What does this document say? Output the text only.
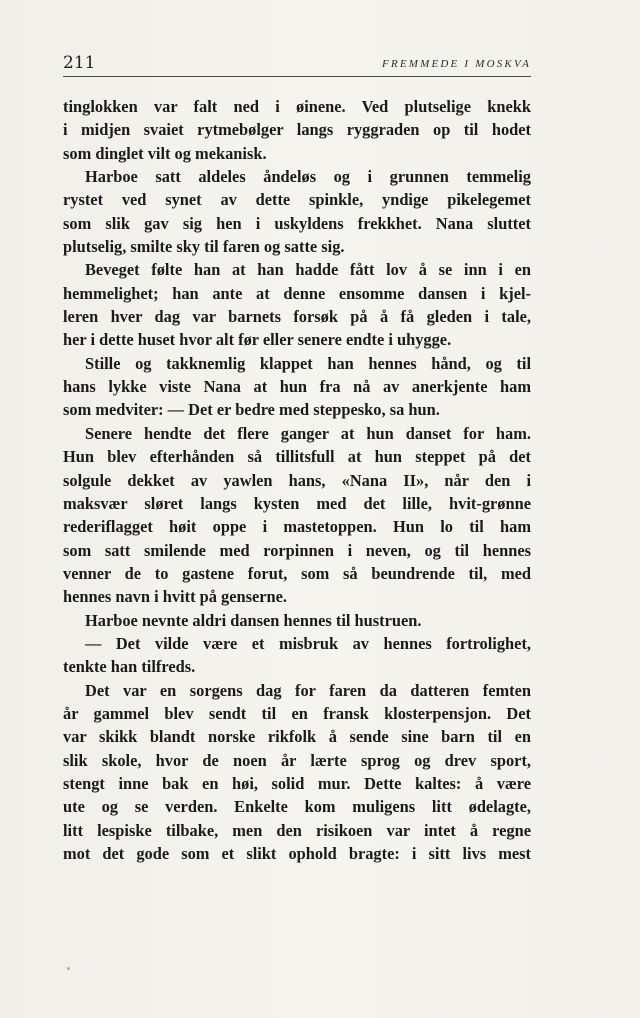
211	FREMMEDE I MOSKVA
tinglokken var falt ned i øinene. Ved plutselige knekk
i midjen svaiet rytmebølger langs ryggraden op til hodet
som dinglet vilt og mekanisk.
Harboe satt aldeles åndeløs og i grunnen temmelig
rystet ved synet av dette spinkle, yndige pikelegemet
som slik gav sig hen i uskyldens frekkhet. Nana sluttet
plutselig, smilte sky til faren og satte sig.
Beveget følte han at han hadde fått lov å se inn i en
hemmelighet; han ante at denne ensomme dansen i kjel-
leren hver dag var barnets forsøk på å få gleden i tale,
her i dette huset hvor alt før eller senere endte i uhygge.
Stille og takknemlig klappet han hennes hånd, og til
hans lykke viste Nana at hun fra nå av anerkjente ham
som medviter: — Det er bedre med steppesko, sa hun.
Senere hendte det flere ganger at hun danset for ham.
Hun blev efterhånden så tillitsfull at hun steppet på det
solgule dekket av yawlen hans, «Nana II», når den i
maksvær sløret langs kysten med det lille, hvit-grønne
rederiflagget høit oppe i mastetoppen. Hun lo til ham
som satt smilende med rorpinnen i neven, og til hennes
venner de to gastene forut, som så beundrende til, med
hennes navn i hvitt på genserne.
Harboe nevnte aldri dansen hennes til hustruen.
— Det vilde være et misbruk av hennes fortrolighet,
tenkte han tilfreds.
Det var en sorgens dag for faren da datteren femten
år gammel blev sendt til en fransk klosterpensjon. Det
var skikk blandt norske rikfolk å sende sine barn til en
slik skole, hvor de noen år lærte sprog og drev sport,
stengt inne bak en høi, solid mur. Dette kaltes: å være
ute og se verden. Enkelte kom muligens litt ødelagte,
litt lespiske tilbake, men den risikoen var intet å regne
mot det gode som et slikt ophold bragte: i sitt livs mest
